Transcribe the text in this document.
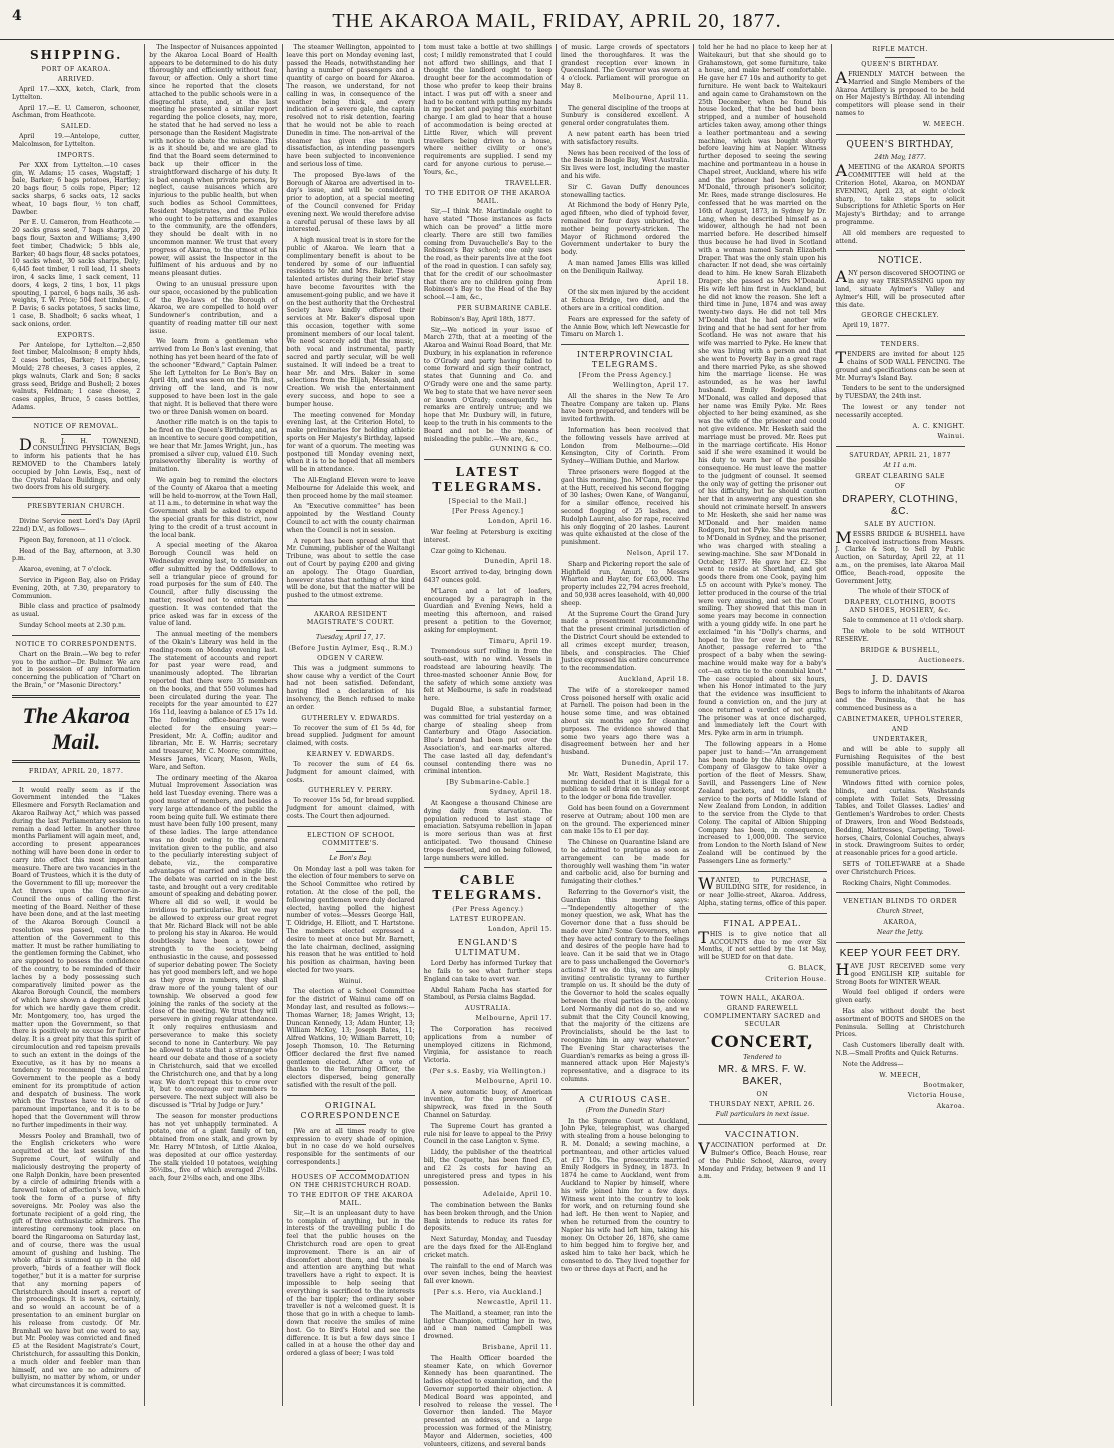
4	THE AKAROA MAIL, FRIDAY, APRIL 20, 1877.
SHIPPING.
PORT OF AKAROA.
ARRIVED.

April 17.—XXX, ketch, Clark, from Lyttelton.

April 17.—E. U. Cameron, schooner, Aschman, from Heathcote.

SAILED.

April 19.—Antelope, cutter, Malcolmson, for Lyttelton.

IMPORTS.

Per XXX from Lyttelton.—10 cases gin, W. Adams; 15 cases, Wagstaff; 1 bale, Barker; 6 bags potatoes, Hartley; 20 bags flour, 5 coils rope, Piper; 12 sacks sharps, 6 sacks oats, 12 sacks wheat, 10 bags flour, ½ ton chaff, Dawber.

Per E. U. Cameron, from Heathcote.—20 sacks grass seed, 7 bags sharps, 20 bags flour, Saxton and Williams; 3,490 feet timber, Chadwick; 5 bbls ale, Barker; 40 bags flour, 48 sacks potatoes, 10 sacks wheat, 30 sacks sharps, Daly; 6,445 feet timber, 1 roll lead, 11 sheets iron, 4 sacks lime, 1 sack cement, 11 doors, 4 kegs, 2 tins, 1 box, 11 pkgs spouting, 1 parcel, 6 bags nails, 36 ash-weights, T. W. Price; 504 feet timber, G. P. Davis; 6 sacks potatoes, 5 sacks lime, 1 case, B. Shadbolt; 6 sacks wheat, 1 sack onions, order.

EXPORTS.

Per Antelope, for Lyttelton.—2,850 feet timber, Malcolmson; 8 empty hhds, 2 cases bottles, Barker; 115 cheese, Mould; 278 cheeses, 3 cases apples, 2 pkgs walnuts, Clark and Son; 8 sacks grass seed, Bridge and Bushell; 2 boxes walnuts, Feldman; 1 case cheese, 2 cases apples, Bruce, 5 cases bottles, Adams.

NOTICE OF REMOVAL.

DR. J. H. TOWNEND, CONSULTING PHYSICIAN, Begs to inform his patients that he has REMOVED to the Chambers lately occupied by John Lewis, Esq., next of the Crystal Palace Buildings, and only two doors from his old surgery.

PRESBYTERIAN CHURCH.

Divine Service next Lord's Day (April 22nd) D.V., as follows—

Pigeon Bay, forenoon, at 11 o'clock.

Head of the Bay, afternoon, at 3.30 p.m.

Akaroa, evening, at 7 o'clock.

Service in Pigeon Bay, also on Friday Evening, 20th, at 7.30, preparatory to Communion.

Bible class and practice of psalmody as usual.

Sunday School meets at 2.30 p.m.

NOTICE TO CORRESPONDENTS.

Chart on the Brain.—We beg to refer you to the author—Dr. Bulmer. We are not in possession of any information concerning the publication of "Chart on the Brain," or "Masonic Directory."

The Akaroa Mail.
FRIDAY, APRIL 20, 1877.

It would really seem as if the Government intended the "Lakes Ellesmere and Forsyth Reclamation and Akaroa Railway Act," which was passed during the last Parliamentary session to remain a dead letter. In another three months Parliament will again meet, and, according to present appearances nothing will have been done in order to carry into effect this most important measure. There are two vacancies in the Board of Trustees, which it is the duty of the Government to fill up; moreover the Act throws upon the Governor-in-Council the onus of calling the first meeting of the Board. Neither of these have been done, and at the last meeting of the Akaroa Borough Council a resolution was passed, calling the attention of the Government to this matter. It must be rather humiliating to the gentlemen forming the Cabinet, who are supposed to possess the confidence of the country, to be reminded of their laches by a body possessing such comparatively limited power as the Akaroa Borough Council, the members of which have shown a degree of pluck for which we hardly gave them credit. Mr. Montgomery, too, has urged the matter upon the Government, so that there is positively no excuse for further delay. It is a great pity that this spirit of circumlocution and red tapeism prevails to such an extent in the doings of the Executive, as it has by no means a tendency to recommend the Central Government to the people as a body eminent for its promptitude of action and despatch of business. The work which the Trustees have to do is of paramount importance, and it is to be hoped that the Government will throw no further impediments in their way.

Messrs Pooley and Bramhall, two of the English cricketers who were acquitted at the last session of the Supreme Court, of wilfully and maliciously destroying the property of one Ralph Donkin, have been presented by a circle of admiring friends with a farewell token of affection's love, which took the form of a purse of fifty sovereigns. Mr. Pooley was also the fortunate recipient of a gold ring, the gift of three enthusiastic admirers. The interesting ceremony took place on board the Ringarooma on Saturday last, and of course, there was the usual amount of gushing and lushing. The whole affair is summed up in the old proverb, "birds of a feather will flock together," but it is a matter for surprise that any morning papers of Christchurch should insert a report of the proceedings. It is news, certainly, and so would an account be of a presentation to an eminent burglar on his release from custody. Of Mr. Bramhall we have but one word to say, but Mr. Pooley was convicted and fined £5 at the Resident Magistrate's Court, Christchurch, for assaulting this Donkin, a much older and feebler man than himself, and we are no admirers of bullyism, no matter by whom, or under what circumstances it is committed.

The Inspector of Nuisances appointed by the Akaroa Local Board of Health appears to be determined to do his duty thoroughly and efficiently without fear, favour, or affection. Only a short time since he reported that the closets attached to the public schools were in a disgraceful state, and, at the last meeting he presented a similar report regarding the police closets, nay, more, he stated that he had served no less a personage than the Resident Magistrate with notice to abate the nuisance. This is as it should be, and we are glad to find that the Board seem determined to back up their officer in the straightforward discharge of his duty. It is bad enough when private persons, by neglect, cause nuisances which are injurious to the public health, but when such bodies as School Committees, Resident Magistrates, and the Police who ought to be patterns and examples to the community, are the offenders, they should be dealt with in no uncommon manner. We trust that every progress of Akaroa, to the utmost of his power, will assist the Inspector in the fulfilment of his arduous and by no means pleasant duties.

Owing to an unusual pressure upon our space, occasioned by the publication of the Bye-laws of the Borough of Akaroa, we are compelled to hold over Sundowner's contribution, and a quantity of reading matter till our next issue.

We learn from a gentleman who arrived from Le Bon's last evening, that nothing has yet been heard of the fate of the schooner "Edward," Captain Palmer. She left Lyttelton for Le Bon's Bay on April 4th, and was seen on the 7th inst., driving off the land, and is now supposed to have been lost in the gale that night. It is believed that there were two or three Danish women on board.

Another rifle match is on the tapis to be fired on the Queen's Birthday, and, as an incentive to secure good competition, we hear that Mr. James Wright, jun., has promised a silver cup, valued £10. Such praiseworthy liberality is worthy of imitation.

We again beg to remind the electors of the County of Akaroa that a meeting will be held to-morrow, at the Town Hall, at 11 a.m., to determine in what way the Government shall be asked to expend the special grants for this district, now lying to the credit of a trust account in the local bank.

A special meeting of the Akaroa Borough Council was held on Wednesday evening last, to consider an offer submitted by the Oddfellows, to sell a triangular piece of ground for road purposes for the sum of £40. The Council, after fully discussing the matter, resolved not to entertain the question. It was contended that the price asked was far in excess of the value of land.

The annual meeting of the members of the Okain's Library was held in the reading-room on Monday evening last. The statement of accounts and report for past year were read, and unanimously adopted. The librarian reported that there were 35 members on the books, and that 550 volumes had been circulated during the year. The receipts for the year amounted to £27 16s 11d, leaving a balance of £5 17s 1d. The following office-bearers were elected for the ensuing year:—President, Mr. A. Coffin; auditor and librarian, Mr. E. W. Harris; secretary and treasurer, Mr. C. Moore; committee, Messrs James, Vicary, Mason, Wells, Ware, and Sefton.

The ordinary meeting of the Akaroa Mutual Improvement Association was held last Tuesday evening. There was a good muster of members, and besides a very large attendance of the public the room being quite full. We estimate there must have been fully 100 present, many of these ladies. The large attendance was no doubt owing to the general invitation given to the public, and also to the peculiarly interesting subject of debate, viz., the comparative advantages of married and single life. The debate was carried on in the best taste, and brought out a very creditable amount of speaking and debating power. Where all did so well, it would be invidious to particularise. But we may be allowed to express our great regret that Mr. Richard Black will not be able to prolong his stay in Akaroa. He would doubtlessly have been a tower of strength to the society, being enthusiastic in the cause, and possessed of superior debating power. The Society has yet good members left, and we hope as they grow in numbers, they shall draw more of the young talent of our township. We observed a good few joining the ranks of the society at the close of the meeting. We trust they will persevere in giving regular attendance. It only requires enthusiasm and perseverance to make this society second to none in Canterbury. We pay be allowed to state that a stranger who heard our debate and those of a society in Christchurch, said that we excelled the Christchurch one, and that by a long way. We don't repeat this to crow over it, but to encourage our members to persevere. The next subject will also be discussed is "Trial by Judge or Jury."

The season for monster productions has not yet unhappily terminated. A potato, one of a giant family of ten, obtained from one stalk, and grown by Mr. Harry M'Intosh, of Little Akaloa, was deposited at our office yesterday. The stalk yielded 10 potatoes, weighing 36½lbs., five of which averaged 2½lbs. each, four 2½lbs each, and one 3lbs.

The steamer Wellington, appointed to leave this port on Monday evening last, passed the Heads, notwithstanding her having a number of passengers and a quantity of cargo on board for Akaroa. The reason, we understand, for not calling in was, in consequence of the weather being thick, and every indication of a severe gale, the captain resolved not to risk detention, fearing that he would not be able to reach Dunedin in time. The non-arrival of the steamer has given rise to much dissatisfaction, as intending passengers have been subjected to inconvenience and serious loss of time.

The proposed Bye-laws of the Borough of Akaroa are advertised in to-day's issue, and will be considered, prior to adoption, at a special meeting of the Council convened for Friday evening next. We would therefore advise a careful perusal of these laws by all interested.

A high musical treat is in store for the public of Akaroa. We learn that a complimentary benefit is about to be tendered by some of our influential residents to Mr. and Mrs. Baker. These talented artistes during their brief stay have become favourites with the amusement-going public, and we have it on the best authority that the Orchestral Society have kindly offered their services at Mr. Baker's disposal upon this occasion, together with some prominent members of our local talent. We need scarcely add that the music, both vocal and instrumental, partly sacred and partly secular, will be well sustained. It will indeed be a treat to hear Mr. and Mrs. Baker in some selections from the Elijah, Messiah, and Creation. We wish the entertainment every success, and hope to see a bumper house.

The meeting convened for Monday evening last, at the Criterion Hotel, to make preliminaries for holding athletic sports on Her Majesty's Birthday, lapsed for want of a quorum. The meeting was postponed till Monday evening next, when it is to be hoped that all members will be in attendance.

The All-England Eleven were to leave Melbourne for Adelaide this week, and then proceed home by the mail steamer.

An "Executive committee" has been appointed by the Westland County Council to act with the county chairman when the Council is not in session.

A report has been spread about that Mr. Cumming, publisher of the Waitangi Tribune, was about to settle the case out of Court by paying £200 and giving an apology. The Otago Guardian, however states that nothing of the kind will be done, but that the matter will be pushed to the utmost extreme.

AKAROA RESIDENT MAGISTRATE'S COURT.
Tuesday, April 17, 17.
(Before Justin Aylmer, Esq., R.M.)
ODGEN V CAREW.

This was a judgment summons to show cause why a verdict of the Court had not been satisfied. Defendant, having filed a declaration of his insolvency, the Bench refused to make an order.

GUTHERLEY V. EDWARDS.

To recover the sum of £1 5s 4d, for bread supplied. Judgment for amount claimed, with costs.

KEARNEY V. EDWARDS.

To recover the sum of £4 6s. Judgment for amount claimed, with costs.

GUTHERLEY V. PERRY.

To recover 15s 5d, for bread supplied. Judgment for amount claimed, with costs. The Court then adjourned.

ELECTION OF SCHOOL COMMITTEE'S.
Le Bon's Bay.

On Monday last a poll was taken for the election of four members to serve on the School Committee who retired by rotation. At the close of the poll, the following gentlemen were duly declared elected, having polled the highest number of votes:—Messrs George Hall, T. Oldridge, H. Elliott, and T. Hartstone. The members elected expressed a desire to meet at once but Mr. Barnett, the late chairman, declined, assigning his reason that he was entitled to hold his position as chairman, having been elected for two years.

Wainui.

The election of a School Committee for the district of Wainui came off on Monday last, and resulted as follows:—Thomas Warner, 18; James Wright, 13; Duncan Kennedy, 13; Adam Hunter, 13; William McKoy, 13; Joseph Bates, 11; Alfred Watkins, 10; William Barrett, 10; Joseph Thomson, 10. The Returning Officer declared the first five named gentlemen elected. After a vote of thanks to the Returning Officer, the electors dispersed, being generally satisfied with the result of the poll.

ORIGINAL CORRESPONDENCE

[We are at all times ready to give expression to every shade of opinion, but in no case do we hold ourselves responsible for the sentiments of our correspondents.]

HOUSES OF ACCOMMODATION ON THE CHRISTCHURCH ROAD.
TO THE EDITOR OF THE AKAROA MAIL.

Sir,—It is an unpleasant duty to have to complain of anything, but in the interests of the travelling public I do feel that the public houses on the Christchurch road are open to great improvement. There is an air of discomfort about them, and the meals and attention are anything but what travellers have a right to expect. It is impossible to help seeing that everything is sacrificed to the interests of the bar tippler; the ordinary sober traveller is not a welcomed guest. It is those that go in with a cheque to lamb-down that receive the smiles of mine host. Go to Bird's Hotel and see the difference. It is but a few days since I called in at a house the other day and ordered a glass of beer; I was told

tom must take a bottle at two shillings cost; I mildly remonstrated that I could not afford two shillings, and that I thought the landlord ought to keep draught beer for the accommodation of those who prefer to keep their brains intact. I was put off with a sneer and had to be content with putting my hands in my pocket and paying this exorbitant charge. I am glad to hear that a house of accommodation is being erected at Little River, which will prevent travellers being driven to a house, where neither civility or one's requirements are supplied. I send my card for anyone curious to peruse.—Yours, &c.,

TRAVELLER.
TO THE EDITOR OF THE AKAROA MAIL.

Sir,—I think Mr. Martindale ought to have stated "Those instances as facts which can be proved" a little more clearly. There are still two families coming from Duvauchelle's Bay to the Robinson's Bay school; one only uses the road, as their parents live at the foot of the road in question. I can safely say, that for the credit of our schoolmaster that there are no children going from Robinson's Bay to the Head of the Bay school.—I am, &c.,

PER SUBMARINE CABLE.

Robinson's Bay, April 18th, 1877.

Sir,—We noticed in your issue of March 27th, that at a meeting of the Akaroa and Wainui Road Board, that Mr. Duxbury, in his explanation in reference to O'Grady and party having failed to come forward and sign their contract, states that Gunning and Co. and O'Grady were one and the same party. We beg to state that we have never seen or known O'Grady; consequently his remarks are entirely untrue; and we hope that Mr. Duxbury will, in future, keep to the truth in his comments to the Board and not be the means of misleading the public.—We are, &c.,

GUNNING & CO.
LATEST TELEGRAMS.
[Special to the Mail.]
[Per Press Agency.]
London, April 16.

War feeling at Petersburg is exciting interest.

Czar going to Kichenau.

Dunedin, April 18.

Escort arrived to-day, bringing down 6437 ounces gold.

M'Laren and a lot of loafers, encouraged by a paragraph in the Guardian and Evening News, held a meeting this afternoon, and raised present a petition to the Governor, asking for employment.

Timaru, April 19.

Tremendous surf rolling in from the south-east, with no wind. Vessels in roadstead are labouring heavily. The three-masted schooner Annie Bow, for the safety of which some anxiety was felt at Melbourne, is safe in roadstead here.

Dugald Blue, a substantial farmer, was committed for trial yesterday on a charge of stealing sheep from Canterbury and Otago Association. Blue's brand had been put over the Association's, and ear-marks altered. The case lasted all day, defendant's counsel contending there was no criminal intention.

[By Submarine-Cable.]
Sydney, April 18.

At Kaongese a thousand Chinese are dying daily from starvation. The population reduced to last stage of emaciation. Satsyuma rebellion in Japan is more serious than was at first anticipated. Two thousand Chinese troops deserted, and on being followed, large numbers were killed.

CABLE TELEGRAMS.
(Per Press Agency.)
LATEST EUROPEAN.
London, April 15.
ENGLAND'S ULTIMATUM.

Lord Derby has informed Turkey that he fails to see what further steps England can take to avert war.

Abdul Raham Pacha has started for Stamboul, as Persia claims Bagdad.

AUSTRALIA.
Melbourne, April 17.

The Corporation has received applications from a number of unemployed citizens in Richmond, Virginia, for assistance to reach Victoria.

(Per s.s. Easby, via Wellington.)
Melbourne, April 10.

A new automatic buoy, of American invention, for the prevention of shipwreck, was fixed in the South Channel on Saturday.

The Supreme Court has granted a rule nisi for leave to appeal to the Privy Council in the case Langton v. Syme.

Liddy, the publisher of the theatrical bill, the Coquette, has been fined £5, and £2 2s costs for having an unregistered press and types in his possession.

Adelaide, April 10.

The combination between the Banks has been broken through, and the Union Bank intends to reduce its rates for deposits.

Next Saturday, Monday, and Tuesday are the days fixed for the All-England cricket match.

The rainfall to the end of March was over seven inches, being the heaviest fall ever known.

[Per s.s. Hero, via Auckland.]
Newcastle, April 11.

The Maitland, a steamer, ran into the lighter Champion, cutting her in two, and a man named Campbell was drowned.

Brisbane, April 11.

The Health Officer boarded the steamer Kate, on which Governor Kennedy has been quarantined. The ladies objected to examination, and the Governor supported their objection. A Medical Board was appointed, and resolved to release the vessel. The Governor then landed. The Mayor presented an address, and a large procession was formed of the Ministry, Mayor and Aldermen, societies, 400 volunteers, citizens, and several bands

of music. Large crowds of spectators lined the thoroughfares. It was the grandest reception ever known in Queensland. The Governor was sworn at 4 o'clock. Parliament will prorogue on May 8.

Melbourne, April 11.

The general discipline of the troops at Sunbury is considered excellent. A general order congratulates them.

A new patent earth has been tried with satisfactory results.

News has been received of the loss of the Bessie in Beagle Bay, West Australia. Six lives were lost, including the master and his wife.

Sir C. Gavan Duffy denounces stonewalling tactics.

At Richmond the body of Henry Pyle, aged fifteen, who died of typhoid fever, remained for four days unburied, the mother being poverty-stricken. The Mayor of Richmond ordered the Government undertaker to bury the body.

A man named James Ellis was killed on the Deniliquin Railway.

April 18.

Of the six men injured by the accident at Echuca Bridge, two died, and the others are in a critical condition.

Fears are expressed for the safety of the Annie Bow, which left Newcastle for Timaru on March 1.

INTERPROVINCIAL TELEGRAMS.
[From the Press Agency.]
Wellington, April 17.

All the shares in the New Te Aro Theatre Company are taken up. Plans have been prepared, and tenders will be invited forthwith.

Information has been received that the following vessels have arrived at London from Melbourne:—Old Kensington, City of Corinth. From Sydney—William Duthie, and Marlow.

Three prisoners were flogged at the gaol this morning. Jno. M'Cann, for rape at the Hutt, received his second flogging of 30 lashes; Owen Kane, of Wanganui, for a similar offence, received his second flogging of 25 lashes, and Rudolph Laurent, also for rape, received his only flogging of 20 lashes. Laurent was quite exhausted at the close of the punishment.

Nelson, April 17.

Sharp and Pickering report the sale of Highfield run, Amuri, to Messrs Wharton and Hayter, for £63,000. The property includes 22,794 acres freehold, and 50,938 acres leasehold, with 40,000 sheep.

At the Supreme Court the Grand Jury made a presentment recommending that the present criminal jurisdiction of the District Court should be extended to all crimes except murder, treason, libels, and conspiracies. The Chief Justice expressed his entire concurrence to the recommendation.

Auckland, April 18.

The wife of a storekeeper named Cross poisoned herself with oxalic acid at Parnell. The poison had been in the house some time, and was obtained about six months ago for cleaning purposes. The evidence showed that some two years ago there was a disagreement between her and her husband.

Dunedin, April 17.

Mr. Watt, Resident Magistrate, this morning decided that it is illegal for a publican to sell drink on Sunday except to the lodger or bona fide traveller.

Gold has been found on a Government reserve at Outram; about 100 men are on the ground. The experienced miner can make 15s to £1 per day.

The Chinese on Quarantine Island are to be admitted to pratique as soon as arrangement can be made for thoroughly well washing them "in water and carbolic acid, also for burning and fumigating their clothes."

Referring to the Governor's visit, the Guardian this morning says:—"Independently altogether of the money question, we ask, What has the Governor done that a fuss should be made over him? Some Governors, when they have acted contrary to the feelings and desires of the people have had to leave. Can it be said that we in Otago are to pass unchallenged the Governor's actions? If we do this, we are simply inviting centralistic tyranny to further trample on us. It should be the duty of the Governor to hold the scales equally between the rival parties in the colony. Lord Normanby did not do so, and we submit that the City Council knowing, that the majority of the citizens are Provincialists, should be the last to recognize him in any way whatever." The Evening Star characterises the Guardian's remarks as being a gross ill-mannered attack upon Her Majesty's representative, and a disgrace to its columns.

A CURIOUS CASE.
(From the Dunedin Star)

In the Supreme Court at Auckland, John Pyke, telegraphist, was charged with stealing from a house belonging to R. M. Donald; a sewing machine, a portmanteau, and other articles valued at £17 10s. The prosecutrix married Emily Rodgers in Sydney, in 1873. In 1874 he came to Auckland, went from Auckland to Napier by himself, where his wife joined him for a few days. Witness went into the country to look for work, and on returning found she had left. He then went to Napier, and when he returned from the country to Napier his wife had left him, taking his money. On October 26, 1876, she came to him begged him to forgive her, and asked him to take her back, which he consented to do. They lived together for two or three days at Pacri, and he

told her he had no place to keep her at Waitekauri, but that she should go to Grahamstown, get some furniture, take a house, and make herself comfortable. He gave her £7 10s and authority to get furniture. He went back to Waitekauri and again came to Grahamstown on the 25th December, when he found his house locked, that the bed had been stripped, and a number of household articles taken away, among other things a leather portmanteau and a sewing machine, which was bought shortly before leaving him at Napier. Witness further deposed to seeing the sewing machine and portmanteau in a house in Chapel street, Auckland, where his wife and the prisoner had been lodging. M'Donald, through prisoner's solicitor, Mr. Rees, made strange disclosures. He confessed that he was married on the 16th of August, 1873, in Sydney by Dr. Lang, when he described himself as a widower, although he had not been married before. He described himself thus because he had lived in Scotland with a woman named Sarah Elizabeth Draper. That was the only stain upon his character. If not dead, she was certainly dead to him. He knew Sarah Elizabeth Draper; she passed as Mrs M'Donald. His wife left him first in Auckland, but he did not know the reason. She left a third time in June, 1874 and was away twenty-two days. He did not tell Mrs M'Donald that he had another wife living and that he had sent for her from Scotland. He was not aware that his wife was married to Pyke. He knew that she was living with a person and that she went to Poverty Bay in a great rage and there married Pyke, as she showed him the marriage license. He was astounded, as he was her lawful husband. Emily Rodgers, alias M'Donald, was called and deposed that her name was Emily Pyke. Mr. Rees objected to her being examined, as she was the wife of the prisoner and could not give evidence. Mr. Hesketh said the marriage must be proved. Mr. Rees put in the marriage certificate. His Honor said if she were examined it would be his duty to warn her of the possible consequence. He must leave the matter to the judgment of counsel. It seemed the only way of getting the prisoner out of his difficulty, but he should caution her that in answering any question she should not criminate herself. In answers to Mr. Hesketh, she said her name was M'Donald and her maiden name Rodgers, but not Pyke. She was married to M'Donald in Sydney, and the prisoner, who was charged with stealing a sewing-machine. She saw M'Donald in October, 1877. He gave her £2. She went to reside at Shortland, and got goods there from one Cook, paying him L5 on account with Pyke's money. The letter produced in the course of the trial were very amusing, and set the Court smiling. They showed that this man in some years may become in connection with a young giddy wife. In one part he exclaimed "in his "Dolly's charms, and hoped to live for ever in her arms." Another, passage referred to "the prospect of a baby when the sewing-machine would make way for a baby's cot—an extra tie to the connubial knot." The case occupied about six hours, when his Honor intimated to the jury that the evidence was insufficient to found a conviction on, and the jury at once returned a verdict of not guilty. The prisoner was at once discharged, and immediately left the Court with Mrs. Pyke arm in arm in triumph.

The following appears in a Home paper just to hand:—"An arrangement has been made by the Albion Shipping Company of Glasgow to take over a portion of the fleet of Messrs. Shaw, Savill, and Passengers Line of New Zealand packets, and to work the service to the ports of Middle Island of New Zealand from London, in addition to the service from the Clyde to that Colony. The capital of Albion Shipping Company has been, in consequence, increased to 1,000,000. The service from London to the North Island of New Zealand will be continued by the Passengers Line as formerly."

WANTED, to PURCHASE, a BUILDING SITE, for residence, in or near Jollie-street, Akaroa. Address, Alpha, stating terms, office of this paper.

FINAL APPEAL.

THIS is to give notice that all ACCOUNTS due to me over Six Months, if not settled by the 1st May, will be SUED for on that date.

G. BLACK,
Criterion House.
TOWN HALL, AKAROA.
GRAND FAREWELL COMPLIMENTARY SACRED and SECULAR
CONCERT,
Tendered to
MR. & MRS. F. W. BAKER,
ON
THURSDAY NEXT, APRIL 26.
Full particulars in next issue.
VACCINATION.

VACCINATION performed at Dr. Bulmer's Office, Beach House, rear of the Public School, Akaroa, every Monday and Friday, between 9 and 11 a.m.

RIFLE MATCH.
QUEEN'S BIRTHDAY.

AFRIENDLY MATCH between the Married and Single Members of the Akaroa Artillery is proposed to be held on Her Majesty's Birthday. All intending competitors will please send in their names to

W. MEECH.
QUEEN'S BIRTHDAY,
24th May, 1877.

AMEETING of the AKAROA SPORTS COMMITTEE will held at the Criterion Hotel, Akaroa, on MONDAY EVENING, April 23, at eight o'clock sharp, to take steps to solicit Subscriptions for Athletic Sports on Her Majesty's Birthday; and to arrange programme.

All old members are requested to attend.

NOTICE.

ANY person discovered SHOOTING or in any way TRESPASSING upon my land, situate Aylmer's Valley and Aylmer's Hill, will be prosecuted after this date.

GEORGE CHECKLEY.

April 19, 1877.

TENDERS.

TENDERS are invited for about 125 chains of SOD WALL FENCING. The ground and specifications can be seen at Mr. Murray's Island Bay.

Tenders to be sent to the undersigned by TUESDAY, the 24th inst.

The lowest or any tender not necessarily accepted.

A. C. KNIGHT.
Wainui.
SATURDAY, APRIL 21, 1877
At 11 a.m.
GREAT CLEARING SALE
OF
DRAPERY, CLOTHING, &C.
SALE BY AUCTION.

MESSRS BRIDGE & BUSHELL have received instructions from Messrs. J. Clarke & Son, to Sell by Public Auction, on Saturday, April 22, at 11 a.m., on the premises, late Akaroa Mail Office, Beach-road, opposite the Government Jetty,

The whole of their STOCK of

DRAPERY, CLOTHING, BOOTS AND SHOES, HOSIERY, &c.

Sale to commence at 11 o'clock sharp.

The whole to be sold WITHOUT RESERVE.

BRIDGE & BUSHELL,
Auctioneers.
J. D. DAVIS

Begs to inform the inhabitants of Akaroa and the Peninsula, that he has commenced business as a

CABINETMAKER, UPHOLSTERER,
AND
UNDERTAKER,

and will be able to supply all Furnishing Requisites of the best possible manufacture, at the lowest remunerative prices.

Windows fitted with cornice poles, blinds, and curtains. Washstands complete with Toilet Sets, Dressing Tables, and Toilet Glasses. Ladies' and Gentlemen's Wardrobes to order. Chests of Drawers, Iron and Wood Bedsteads, Bedding, Mattresses, Carpeting, Towel-horses, Chairs, Colonial Couches, always in stock. Drawingroom Suites to order, at reasonable prices for a good article.

SETS of TOILET-WARE at a Shade over Christchurch Prices.

Rocking Chairs, Night Commodes.

VENETIAN BLINDS TO ORDER
Church Street,
AKAROA,
Near the Jetty.
KEEP YOUR FEET DRY.

HAVE JUST RECEIVED some very good ENGLISH KIP, suitable for Strong Boots for WINTER WEAR.

Would feel obliged if orders were given early.

Has also without doubt the best assortment of BOOTS and SHOES on the Peninsula. Selling at Christchurch Prices.

Cash Customers liberally dealt with. N.B.—Small Profits and Quick Returns.

Note the Address—

W. MEECH,
Bootmaker,
Victoria House,
Akaroa.
